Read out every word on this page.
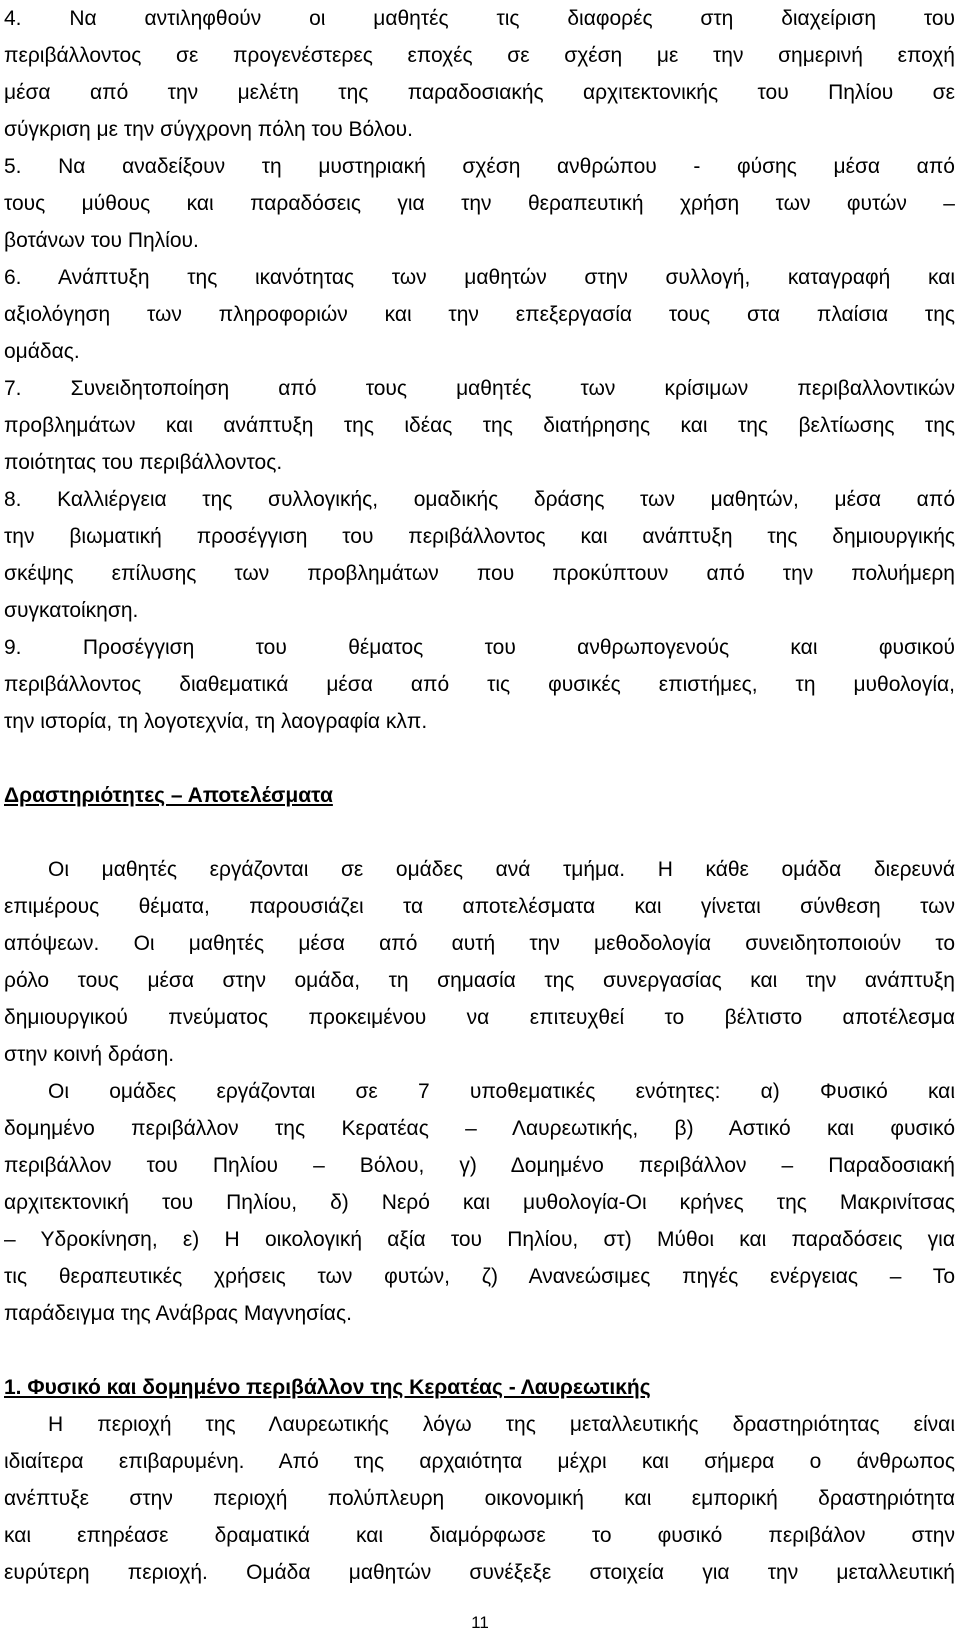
4. Να αντιληφθούν οι μαθητές τις διαφορές στη διαχείριση του
περιβάλλοντος σε προγενέστερες εποχές σε σχέση με την σημερινή εποχή
μέσα από την μελέτη της παραδοσιακής αρχιτεκτονικής του Πηλίου σε
σύγκριση με την σύγχρονη πόλη του Βόλου.
5. Να αναδείξουν τη μυστηριακή σχέση ανθρώπου - φύσης μέσα από
τους μύθους και παραδόσεις για την θεραπευτική χρήση των φυτών –
βοτάνων του Πηλίου.
6. Ανάπτυξη της ικανότητας των μαθητών στην συλλογή, καταγραφή και
αξιολόγηση των πληροφοριών και την επεξεργασία τους στα πλαίσια της
ομάδας.
7. Συνειδητοποίηση από τους μαθητές των κρίσιμων περιβαλλοντικών
προβλημάτων και ανάπτυξη της ιδέας της διατήρησης και της βελτίωσης της
ποιότητας του περιβάλλοντος.
8. Καλλιέργεια της συλλογικής, ομαδικής δράσης των μαθητών, μέσα από
την βιωματική προσέγγιση του περιβάλλοντος και ανάπτυξη της δημιουργικής
σκέψης επίλυσης των προβλημάτων που προκύπτουν από την πολυήμερη
συγκατοίκηση.
9. Προσέγγιση του θέματος του ανθρωπογενούς και φυσικού
περιβάλλοντος διαθεματικά μέσα από τις φυσικές επιστήμες, τη μυθολογία,
την ιστορία, τη λογοτεχνία, τη λαογραφία κλπ.
Δραστηριότητες – Αποτελέσματα
Οι μαθητές εργάζονται σε ομάδες ανά τμήμα. Η κάθε ομάδα διερευνά
επιμέρους θέματα, παρουσιάζει τα αποτελέσματα και γίνεται σύνθεση των
απόψεων. Οι μαθητές μέσα από αυτή την μεθοδολογία συνειδητοποιούν το
ρόλο τους μέσα στην ομάδα, τη σημασία της συνεργασίας και την ανάπτυξη
δημιουργικού πνεύματος προκειμένου να επιτευχθεί το βέλτιστο αποτέλεσμα
στην κοινή δράση.
Οι ομάδες εργάζονται σε 7 υποθεματικές ενότητες: α) Φυσικό και
δομημένο περιβάλλον της Κερατέας – Λαυρεωτικής, β) Αστικό και φυσικό
περιβάλλον του Πηλίου – Βόλου, γ) Δομημένο περιβάλλον – Παραδοσιακή
αρχιτεκτονική του Πηλίου, δ) Νερό και μυθολογία-Οι κρήνες της Μακρινίτσας
– Υδροκίνηση, ε) Η οικολογική αξία του Πηλίου, στ) Μύθοι και παραδόσεις για
τις θεραπευτικές χρήσεις των φυτών, ζ) Ανανεώσιμες πηγές ενέργειας – Το
παράδειγμα της Ανάβρας Μαγνησίας.
1. Φυσικό και δομημένο περιβάλλον της Κερατέας - Λαυρεωτικής
Η περιοχή της Λαυρεωτικής λόγω της μεταλλευτικής δραστηριότητας είναι
ιδιαίτερα επιβαρυμένη. Από της αρχαιότητα μέχρι και σήμερα ο άνθρωπος
ανέπτυξε στην περιοχή πολύπλευρη οικονομική και εμπορική δραστηριότητα
και επηρέασε δραματικά και διαμόρφωσε το φυσικό περιβάλον στην
ευρύτερη περιοχή. Ομάδα μαθητών συνέξεξε στοιχεία για την μεταλλευτική
11
